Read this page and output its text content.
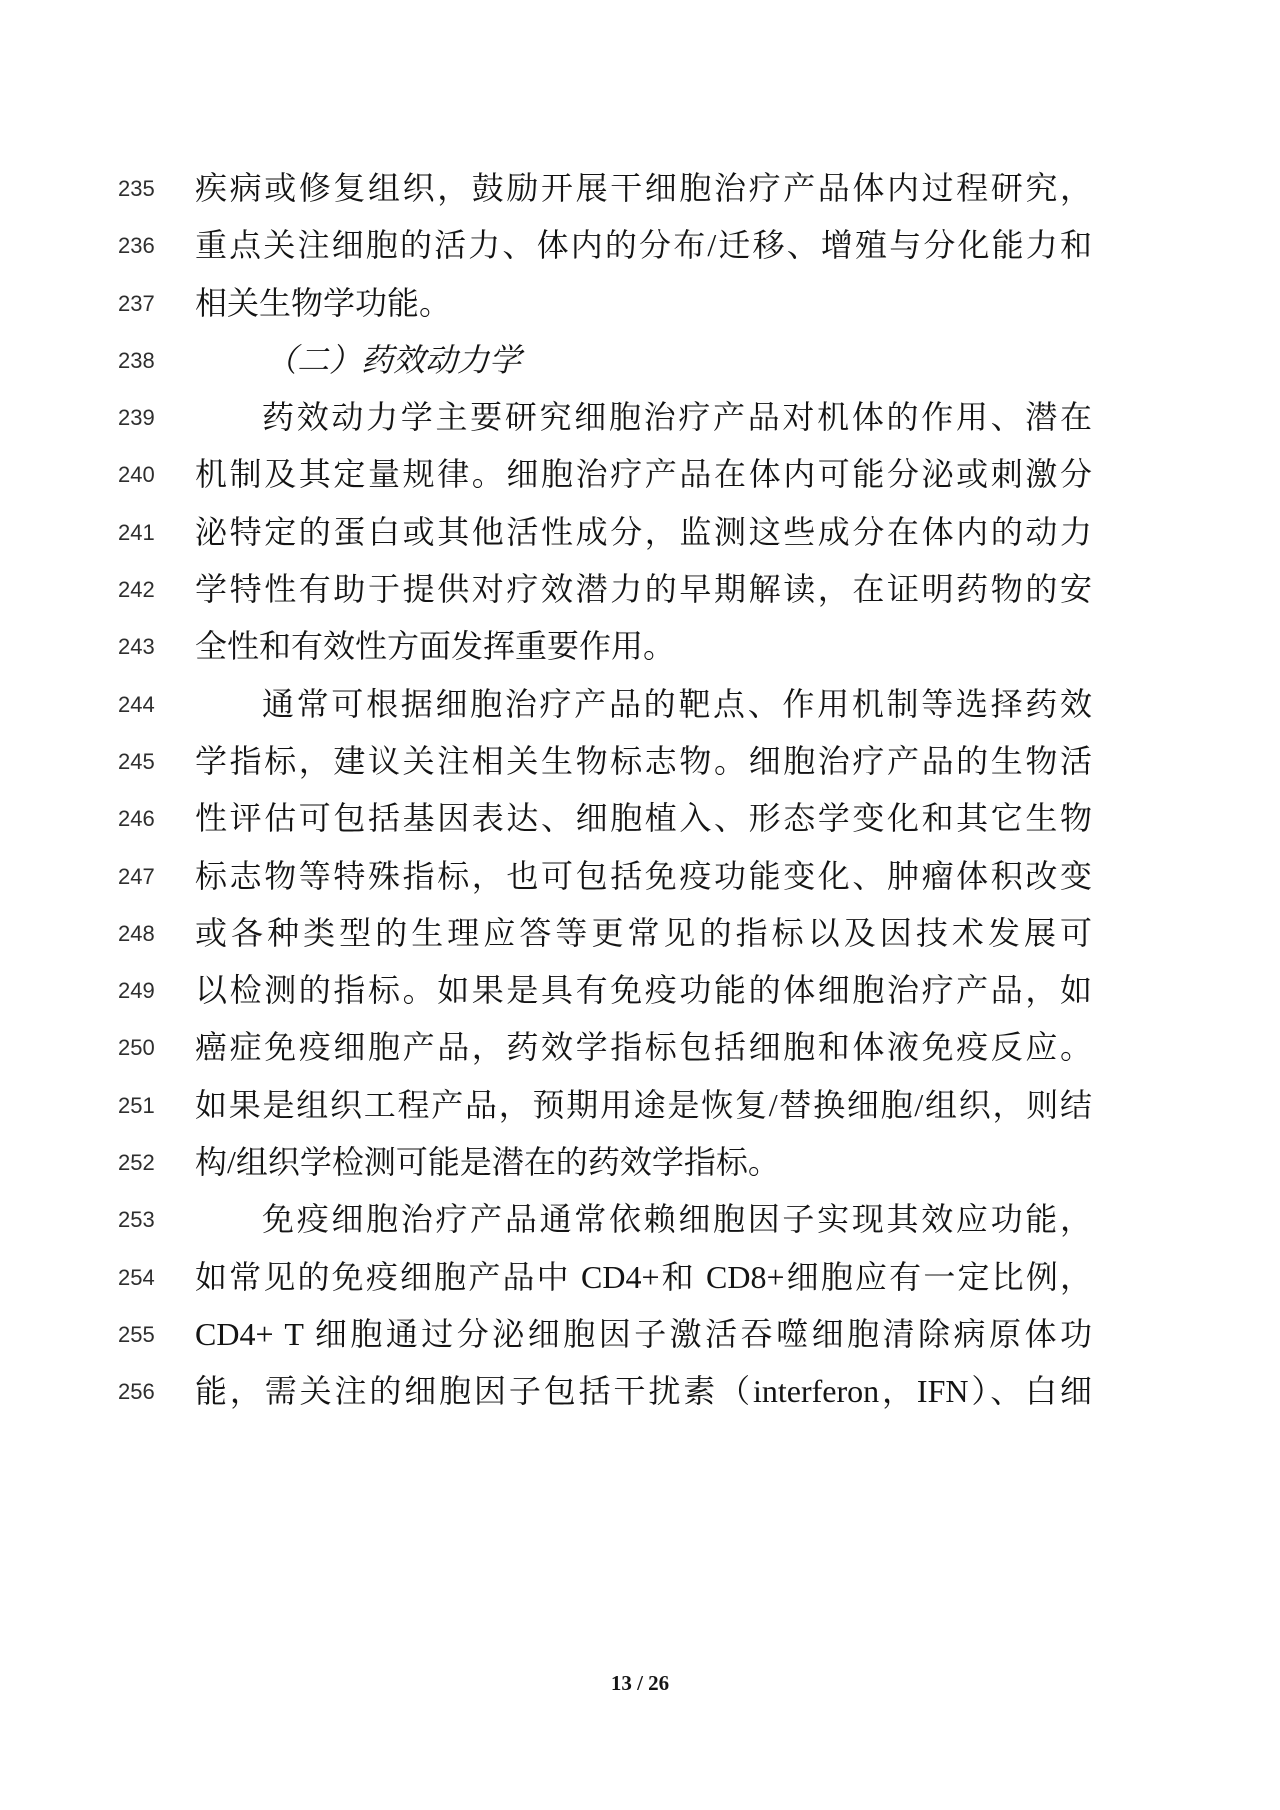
235	疾病或修复组织，鼓励开展干细胞治疗产品体内过程研究，
236	重点关注细胞的活力、体内的分布/迁移、增殖与分化能力和
237	相关生物学功能。
238	（二）药效动力学
239	药效动力学主要研究细胞治疗产品对机体的作用、潜在
240	机制及其定量规律。细胞治疗产品在体内可能分泌或刺激分
241	泌特定的蛋白或其他活性成分，监测这些成分在体内的动力
242	学特性有助于提供对疗效潜力的早期解读，在证明药物的安
243	全性和有效性方面发挥重要作用。
244	通常可根据细胞治疗产品的靶点、作用机制等选择药效
245	学指标，建议关注相关生物标志物。细胞治疗产品的生物活
246	性评估可包括基因表达、细胞植入、形态学变化和其它生物
247	标志物等特殊指标，也可包括免疫功能变化、肿瘤体积改变
248	或各种类型的生理应答等更常见的指标以及因技术发展可
249	以检测的指标。如果是具有免疫功能的体细胞治疗产品，如
250	癌症免疫细胞产品，药效学指标包括细胞和体液免疫反应。
251	如果是组织工程产品，预期用途是恢复/替换细胞/组织，则结
252	构/组织学检测可能是潜在的药效学指标。
253	免疫细胞治疗产品通常依赖细胞因子实现其效应功能，
254	如常见的免疫细胞产品中 CD4+和 CD8+细胞应有一定比例，
255	CD4+ T 细胞通过分泌细胞因子激活吞噬细胞清除病原体功
256	能，需关注的细胞因子包括干扰素（interferon，IFN）、白细
13 / 26
